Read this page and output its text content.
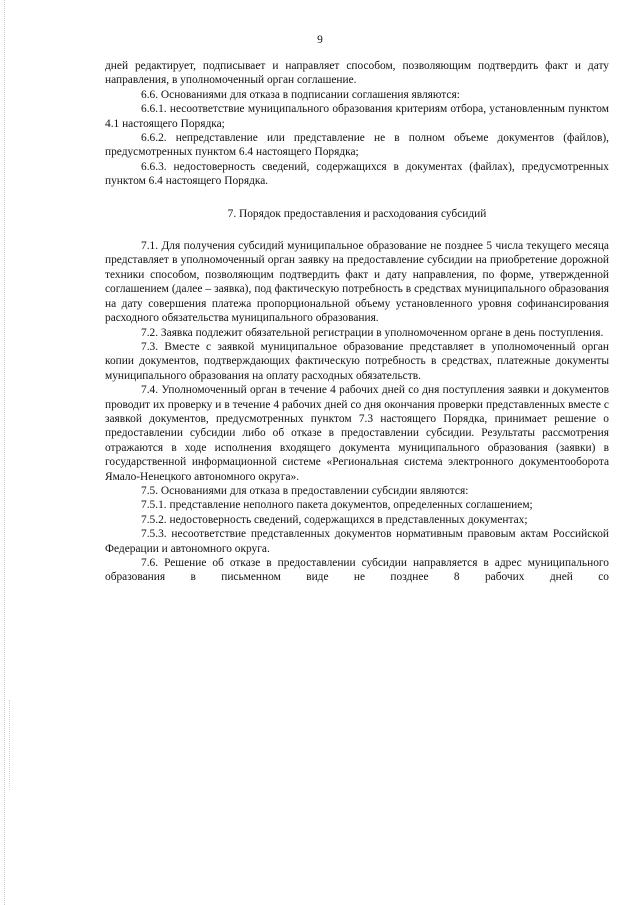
9

дней редактирует, подписывает и направляет способом, позволяющим подтвердить факт и дату направления, в уполномоченный орган соглашение.

6.6. Основаниями для отказа в подписании соглашения являются:

6.6.1. несоответствие муниципального образования критериям отбора, установленным пунктом 4.1 настоящего Порядка;

6.6.2. непредставление или представление не в полном объеме документов (файлов), предусмотренных пунктом 6.4 настоящего Порядка;

6.6.3. недостоверность сведений, содержащихся в документах (файлах), предусмотренных пунктом 6.4 настоящего Порядка.

7. Порядок предоставления и расходования субсидий

7.1. Для получения субсидий муниципальное образование не позднее 5 числа текущего месяца представляет в уполномоченный орган заявку на предоставление субсидии на приобретение дорожной техники способом, позволяющим подтвердить факт и дату направления, по форме, утвержденной соглашением (далее – заявка), под фактическую потребность в средствах муниципального образования на дату совершения платежа пропорциональной объему установленного уровня софинансирования расходного обязательства муниципального образования.

7.2. Заявка подлежит обязательной регистрации в уполномоченном органе в день поступления.

7.3. Вместе с заявкой муниципальное образование представляет в уполномоченный орган копии документов, подтверждающих фактическую потребность в средствах, платежные документы муниципального образования на оплату расходных обязательств.

7.4. Уполномоченный орган в течение 4 рабочих дней со дня поступления заявки и документов проводит их проверку и в течение 4 рабочих дней со дня окончания проверки представленных вместе с заявкой документов, предусмотренных пунктом 7.3 настоящего Порядка, принимает решение о предоставлении субсидии либо об отказе в предоставлении субсидии. Результаты рассмотрения отражаются в ходе исполнения входящего документа муниципального образования (заявки) в государственной информационной системе «Региональная система электронного документооборота Ямало-Ненецкого автономного округа».

7.5. Основаниями для отказа в предоставлении субсидии являются:

7.5.1. представление неполного пакета документов, определенных соглашением;

7.5.2. недостоверность сведений, содержащихся в представленных документах;

7.5.3. несоответствие представленных документов нормативным правовым актам Российской Федерации и автономного округа.

7.6. Решение об отказе в предоставлении субсидии направляется в адрес муниципального образования в письменном виде не позднее 8 рабочих дней со
